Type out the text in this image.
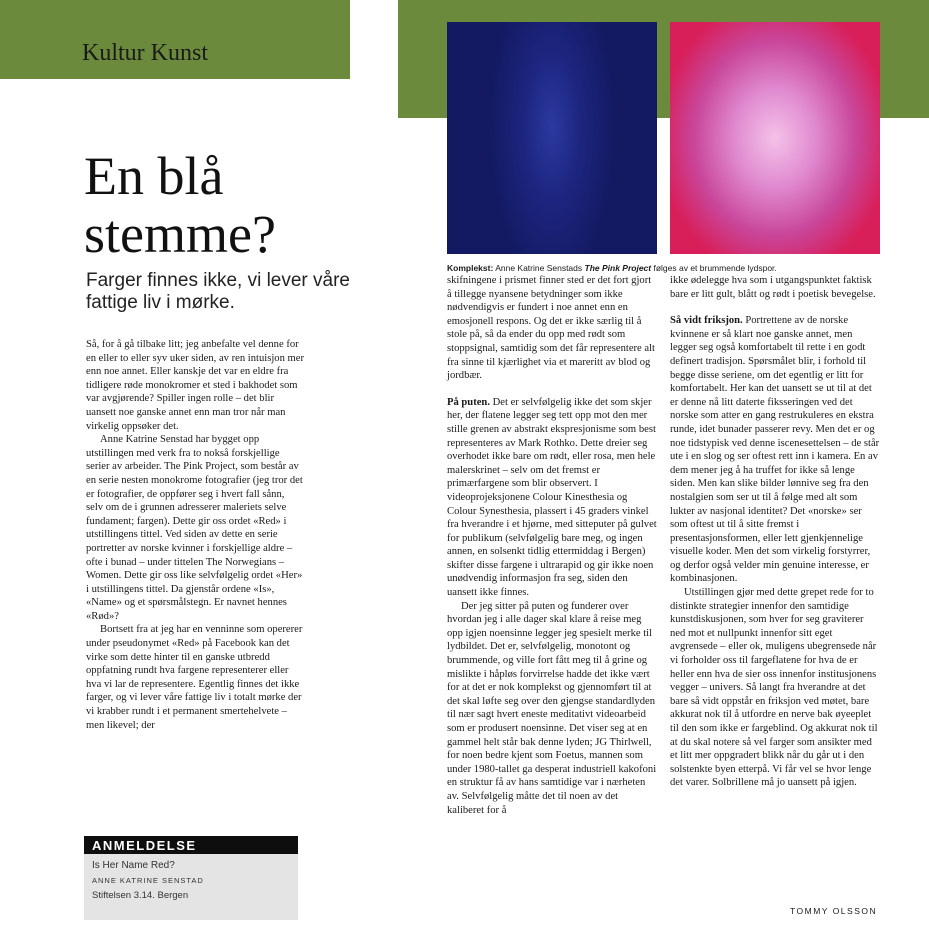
Kultur Kunst
Komplekst: Anne Katrine Senstads The Pink Project følges av et brummende lydspor.
En blå
stemme?
Farger finnes ikke, vi lever våre fattige liv i mørke.

Så, for å gå tilbake litt; jeg anbefalte vel denne for en eller to eller syv uker siden, av ren intuisjon mer enn noe annet. Eller kanskje det var en eldre fra tidligere røde monokromer et sted i bakhodet som var avgjørende? Spiller ingen rolle – det blir uansett noe ganske annet enn man tror når man virkelig oppsøker det.

Anne Katrine Senstad har bygget opp utstillingen med verk fra to nokså forskjellige serier av arbeider. The Pink Project, som består av en serie nesten monokrome fotografier (jeg tror det er fotografier, de oppfører seg i hvert fall sånn, selv om de i grunnen adresserer maleriets selve fundament; fargen). Dette gir oss ordet «Red» i utstillingens tittel. Ved siden av dette en serie portretter av norske kvinner i forskjellige aldre – ofte i bunad – under tittelen The Norwegians – Women. Dette gir oss like selvfølgelig ordet «Her» i utstillingens tittel. Da gjenstår ordene «Is», «Name» og et spørsmålstegn. Er navnet hennes «Rød»?

Bortsett fra at jeg har en venninne som opererer under pseudonymet «Red» på Facebook kan det virke som dette hinter til en ganske utbredd oppfatning rundt hva fargene representerer eller hva vi lar de representere. Egentlig finnes det ikke farger, og vi lever våre fattige liv i totalt mørke der vi krabber rundt i et permanent smertehelvete – men likevel; der

ANMELDELSE
Is Her Name Red?
ANNE KATRINE SENSTAD
Stiftelsen 3.14. Bergen

skifningene i prismet finner sted er det fort gjort å tillegge nyansene betydninger som ikke nødvendigvis er fundert i noe annet enn en emosjonell respons. Og det er ikke særlig til å stole på, så da ender du opp med rødt som stoppsignal, samtidig som det får representere alt fra sinne til kjærlighet via et mareritt av blod og jordbær.

På puten. Det er selvfølgelig ikke det som skjer her, der flatene legger seg tett opp mot den mer stille grenen av abstrakt ekspresjonisme som best representeres av Mark Rothko. Dette dreier seg overhodet ikke bare om rødt, eller rosa, men hele malerskrinet – selv om det fremst er primærfargene som blir observert. I videoprojeksjonene Colour Kinesthesia og Colour Synesthesia, plassert i 45 graders vinkel fra hverandre i et hjørne, med sitteputer på gulvet for publikum (selvfølgelig bare meg, og ingen annen, en solsenkt tidlig ettermiddag i Bergen) skifter disse fargene i ultrarapid og gir ikke noen unødvendig informasjon fra seg, siden den uansett ikke finnes.

Der jeg sitter på puten og funderer over hvordan jeg i alle dager skal klare å reise meg opp igjen noensinne legger jeg spesielt merke til lydbildet. Det er, selvfølgelig, monotont og brummende, og ville fort fått meg til å grine og mislikte i håpløs forvirrelse hadde det ikke vært for at det er nok komplekst og gjennomført til at det skal løfte seg over den gjengse standardlyden til nær sagt hvert eneste meditativt videoarbeid som er produsert noensinne. Det viser seg at en gammel helt står bak denne lyden; JG Thirlwell, for noen bedre kjent som Foetus, mannen som under 1980-tallet ga desperat industriell kakofoni en struktur få av hans samtidige var i nærheten av. Selvfølgelig måtte det til noen av det kaliberet for å

ikke ødelegge hva som i utgangspunktet faktisk bare er litt gult, blått og rødt i poetisk bevegelse.

Så vidt friksjon. Portrettene av de norske kvinnene er så klart noe ganske annet, men legger seg også komfortabelt til rette i en godt definert tradisjon. Spørsmålet blir, i forhold til begge disse seriene, om det egentlig er litt for komfortabelt. Her kan det uansett se ut til at det er denne nå litt daterte fiksseringen ved det norske som atter en gang restrukuleres en ekstra runde, idet bunader passerer revy. Men det er og noe tidstypisk ved denne iscenesettelsen – de står ute i en slog og ser oftest rett inn i kamera. En av dem mener jeg å ha truffet for ikke så lenge siden. Men kan slike bilder lønnive seg fra den nostalgien som ser ut til å følge med alt som lukter av nasjonal identitet? Det «norske» ser som oftest ut til å sitte fremst i presentasjonsformen, eller lett gjenkjennelige visuelle koder. Men det som virkelig forstyrrer, og derfor også velder min genuine interesse, er kombinasjonen.

Utstillingen gjør med dette grepet rede for to distinkte strategier innenfor den samtidige kunstdiskusjonen, som hver for seg graviterer ned mot et nullpunkt innenfor sitt eget avgrensede – eller ok, muligens ubegrensede når vi forholder oss til fargeflatene for hva de er heller enn hva de sier oss innenfor institusjonens vegger – univers. Så langt fra hverandre at det bare så vidt oppstår en friksjon ved møtet, bare akkurat nok til å utfordre en nerve bak øyeeplet til den som ikke er fargeblind. Og akkurat nok til at du skal notere så vel farger som ansikter med et litt mer oppgradert blikk når du går ut i den solstenkte byen etterpå. Vi får vel se hvor lenge det varer. Solbrillene må jo uansett på igjen.

TOMMY OLSSON
